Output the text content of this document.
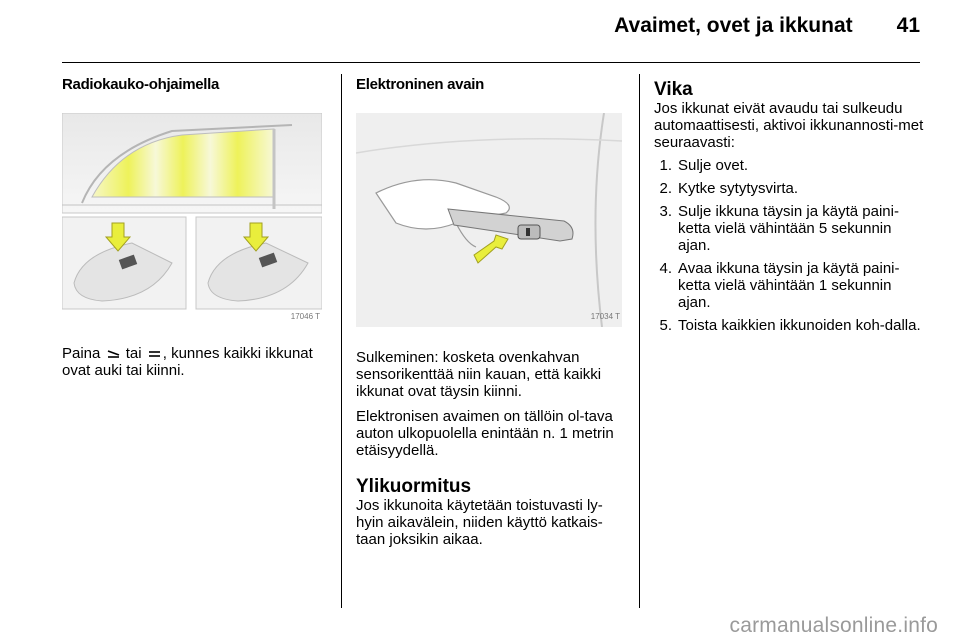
Avaimet, ovet ja ikkunat 41
Radiokauko-ohjaimella
17046 T

Paina tai , kunnes kaikki ikkunat ovat auki tai kiinni.

Elektroninen avain
17034 T

Sulkeminen: kosketa ovenkahvan sensorikenttää niin kauan, että kaikki ikkunat ovat täysin kiinni.

Elektronisen avaimen on tällöin ol-tava auton ulkopuolella enintään n. 1 metrin etäisyydellä.

Ylikuormitus

Jos ikkunoita käytetään toistuvasti ly-hyin aikavälein, niiden käyttö katkais-taan joksikin aikaa.

Vika

Jos ikkunat eivät avaudu tai sulkeudu automaattisesti, aktivoi ikkunannosti-met seuraavasti:

1. Sulje ovet.
2. Kytke sytytysvirta.
3. Sulje ikkuna täysin ja käytä paini-ketta vielä vähintään 5 sekunnin ajan.
4. Avaa ikkuna täysin ja käytä paini-ketta vielä vähintään 1 sekunnin ajan.
5. Toista kaikkien ikkunoiden koh-dalla.
carmanualsonline.info
